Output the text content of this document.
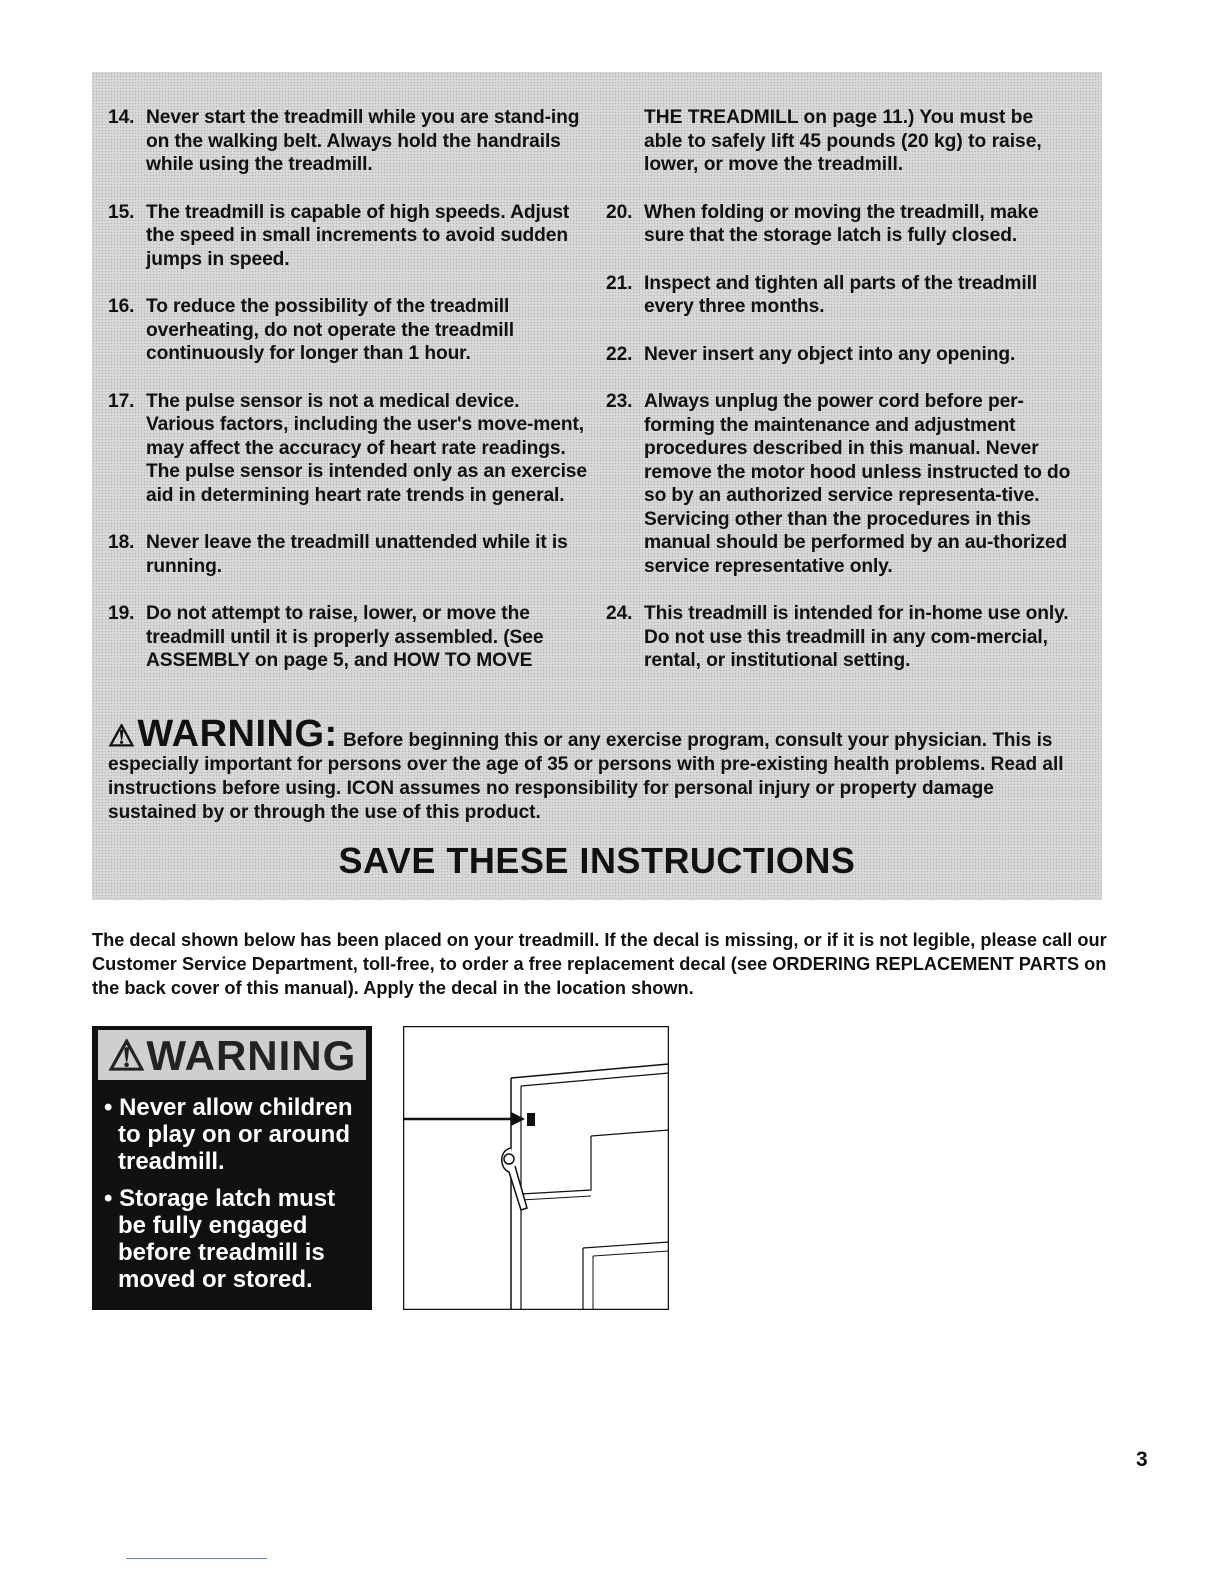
14. Never start the treadmill while you are stand-ing on the walking belt. Always hold the handrails while using the treadmill.
15. The treadmill is capable of high speeds. Adjust the speed in small increments to avoid sudden jumps in speed.
16. To reduce the possibility of the treadmill overheating, do not operate the treadmill continuously for longer than 1 hour.
17. The pulse sensor is not a medical device. Various factors, including the user's move-ment, may affect the accuracy of heart rate readings. The pulse sensor is intended only as an exercise aid in determining heart rate trends in general.
18. Never leave the treadmill unattended while it is running.
19. Do not attempt to raise, lower, or move the treadmill until it is properly assembled. (See ASSEMBLY on page 5, and HOW TO MOVE
THE TREADMILL on page 11.) You must be able to safely lift 45 pounds (20 kg) to raise, lower, or move the treadmill.
20. When folding or moving the treadmill, make sure that the storage latch is fully closed.
21. Inspect and tighten all parts of the treadmill every three months.
22. Never insert any object into any opening.
23. Always unplug the power cord before per-forming the maintenance and adjustment procedures described in this manual. Never remove the motor hood unless instructed to do so by an authorized service representa-tive. Servicing other than the procedures in this manual should be performed by an au-thorized service representative only.
24. This treadmill is intended for in-home use only. Do not use this treadmill in any com-mercial, rental, or institutional setting.
⚠WARNING: Before beginning this or any exercise program, consult your physician. This is especially important for persons over the age of 35 or persons with pre-existing health problems. Read all instructions before using. ICON assumes no responsibility for personal injury or property damage sustained by or through the use of this product.
SAVE THESE INSTRUCTIONS
The decal shown below has been placed on your treadmill. If the decal is missing, or if it is not legible, please call our Customer Service Department, toll-free, to order a free replacement decal (see ORDERING REPLACEMENT PARTS on the back cover of this manual). Apply the decal in the location shown.
⚠WARNING
• Never allow children to play on or around treadmill.
• Storage latch must be fully engaged before treadmill is moved or stored.
3
